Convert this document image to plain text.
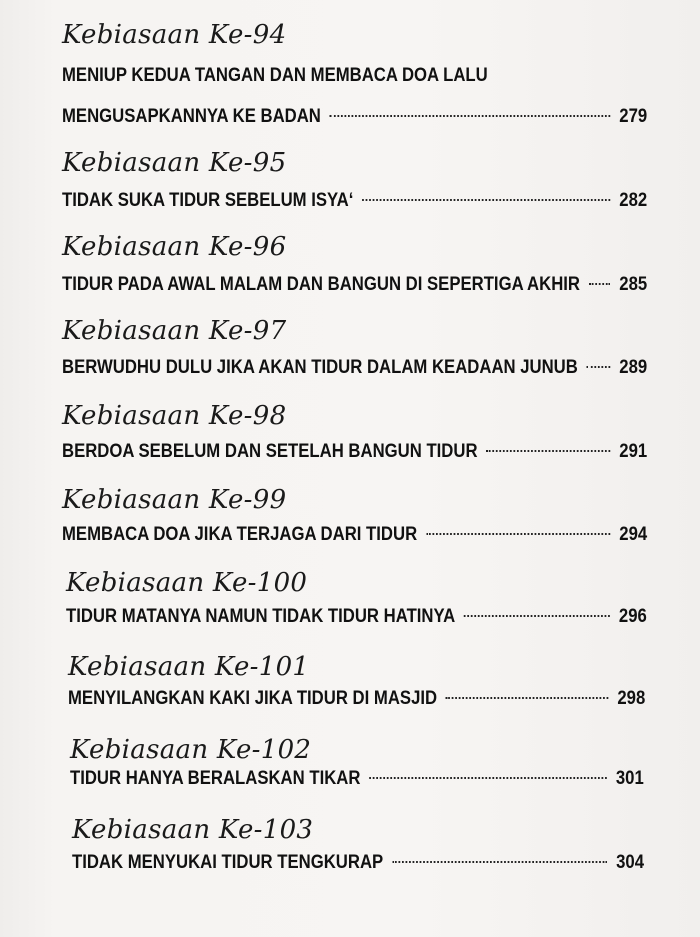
Kebiasaan Ke-94
MENIUP KEDUA TANGAN DAN MEMBACA DOA LALU
MENGUSAPKANNYA KE BADAN	279
Kebiasaan Ke-95
TIDAK SUKA TIDUR SEBELUM ISYA‘	282
Kebiasaan Ke-96
TIDUR PADA AWAL MALAM DAN BANGUN DI SEPERTIGA AKHIR 285
Kebiasaan Ke-97
BERWUDHU DULU JIKA AKAN TIDUR DALAM KEADAAN JUNUB 289
Kebiasaan Ke-98
BERDOA SEBELUM DAN SETELAH BANGUN TIDUR	291
Kebiasaan Ke-99
MEMBACA DOA JIKA TERJAGA DARI TIDUR	294
Kebiasaan Ke-100
TIDUR MATANYA NAMUN TIDAK TIDUR HATINYA	296
Kebiasaan Ke-101
MENYILANGKAN KAKI JIKA TIDUR DI MASJID	298
Kebiasaan Ke-102
TIDUR HANYA BERALASKAN TIKAR	301
Kebiasaan Ke-103
TIDAK MENYUKAI TIDUR TENGKURAP	304
